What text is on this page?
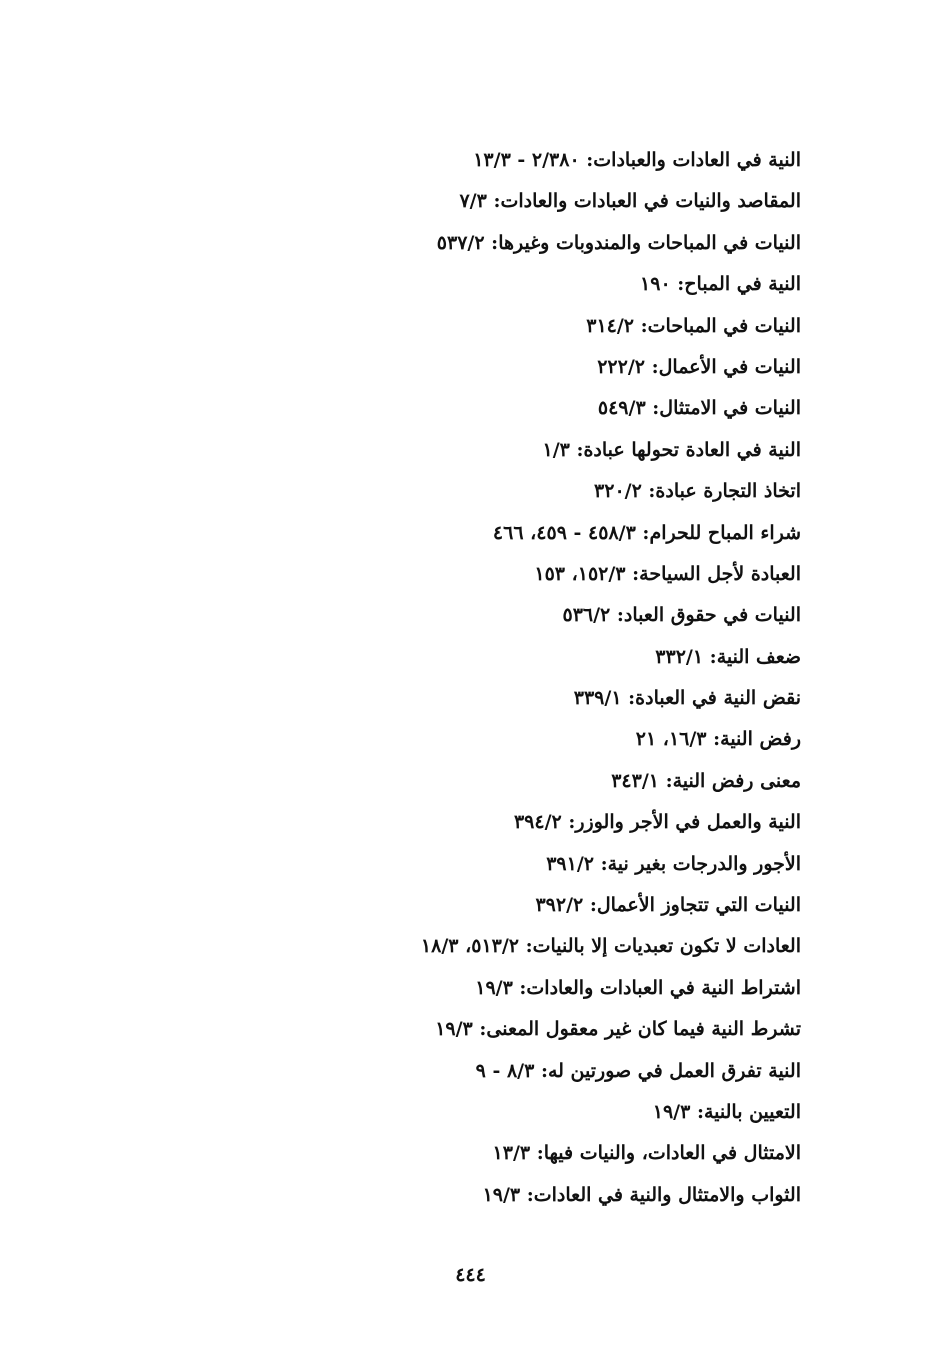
النية في العادات والعبادات: ٢/٣٨٠ - ١٣/٣
المقاصد والنيات في العبادات والعادات: ٧/٣
النيات في المباحات والمندوبات وغيرها: ٥٣٧/٢
النية في المباح: ١٩٠
النيات في المباحات: ٣١٤/٢
النيات في الأعمال: ٢٢٢/٢
النيات في الامتثال: ٥٤٩/٣
النية في العادة تحولها عبادة: ١/٣
اتخاذ التجارة عبادة: ٣٢٠/٢
شراء المباح للحرام: ٤٥٨/٣ - ٤٥٩، ٤٦٦
العبادة لأجل السياحة: ١٥٢/٣، ١٥٣
النيات في حقوق العباد: ٥٣٦/٢
ضعف النية: ٣٣٢/١
نقض النية في العبادة: ٣٣٩/١
رفض النية: ١٦/٣، ٢١
معنى رفض النية: ٣٤٣/١
النية والعمل في الأجر والوزر: ٣٩٤/٢
الأجور والدرجات بغير نية: ٣٩١/٢
النيات التي تتجاوز الأعمال: ٣٩٢/٢
العادات لا تكون تعبديات إلا بالنيات: ٥١٣/٢، ١٨/٣
اشتراط النية في العبادات والعادات: ١٩/٣
تشرط النية فيما كان غير معقول المعنى: ١٩/٣
النية تفرق العمل في صورتين له: ٨/٣ - ٩
التعيين بالنية: ١٩/٣
الامتثال في العادات، والنيات فيها: ١٣/٣
الثواب والامتثال والنية في العادات: ١٩/٣
٤٤٤
